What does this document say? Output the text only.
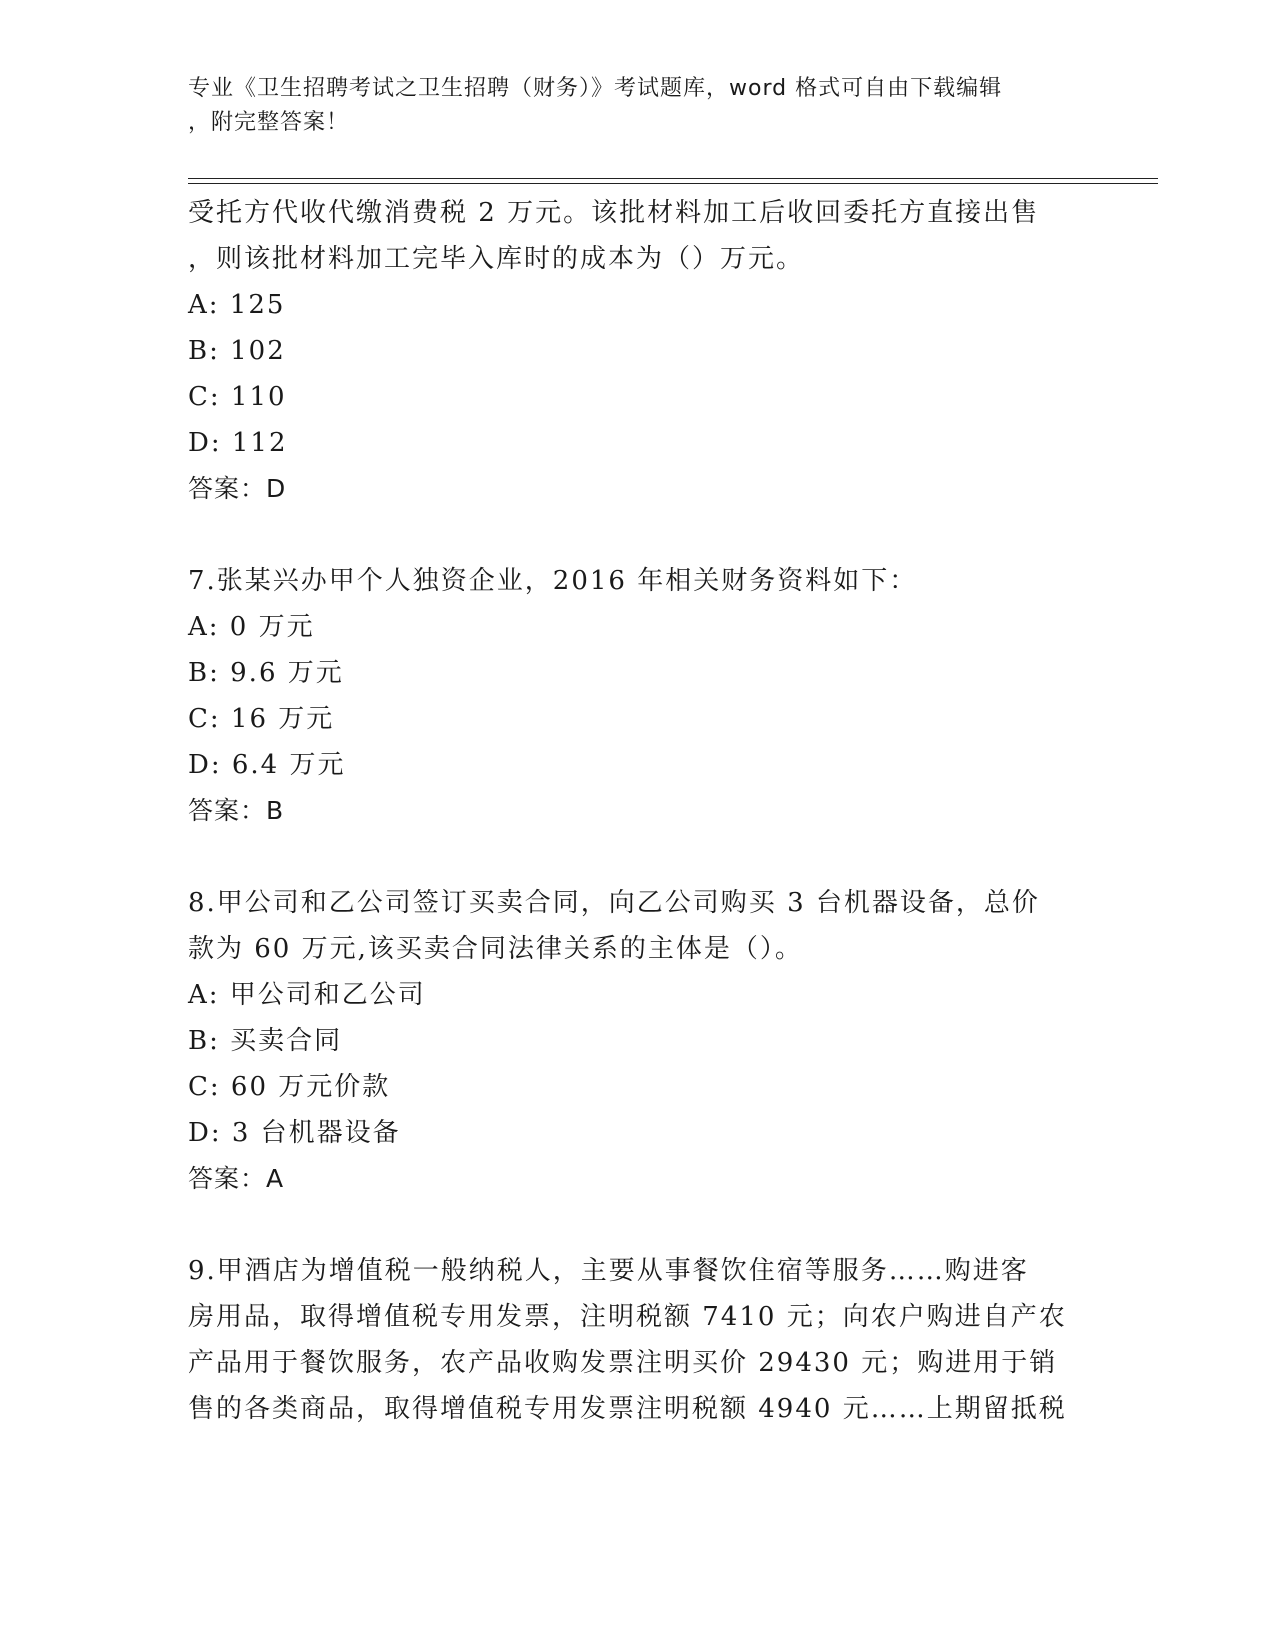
专业《卫生招聘考试之卫生招聘（财务）》考试题库，word 格式可自由下载编辑
，附完整答案！
受托方代收代缴消费税 2 万元。该批材料加工后收回委托方直接出售
，则该批材料加工完毕入库时的成本为（）万元。
A: 125
B: 102
C: 110
D: 112
答案：D
7.张某兴办甲个人独资企业，2016 年相关财务资料如下：
A: 0 万元
B: 9.6 万元
C: 16 万元
D: 6.4 万元
答案：B
8.甲公司和乙公司签订买卖合同，向乙公司购买 3 台机器设备，总价
款为 60 万元,该买卖合同法律关系的主体是（）。
A: 甲公司和乙公司
B: 买卖合同
C: 60 万元价款
D: 3 台机器设备
答案：A
9.甲酒店为增值税一般纳税人，主要从事餐饮住宿等服务……购进客
房用品，取得增值税专用发票，注明税额 7410 元；向农户购进自产农
产品用于餐饮服务，农产品收购发票注明买价 29430 元；购进用于销
售的各类商品，取得增值税专用发票注明税额 4940 元……上期留抵税
